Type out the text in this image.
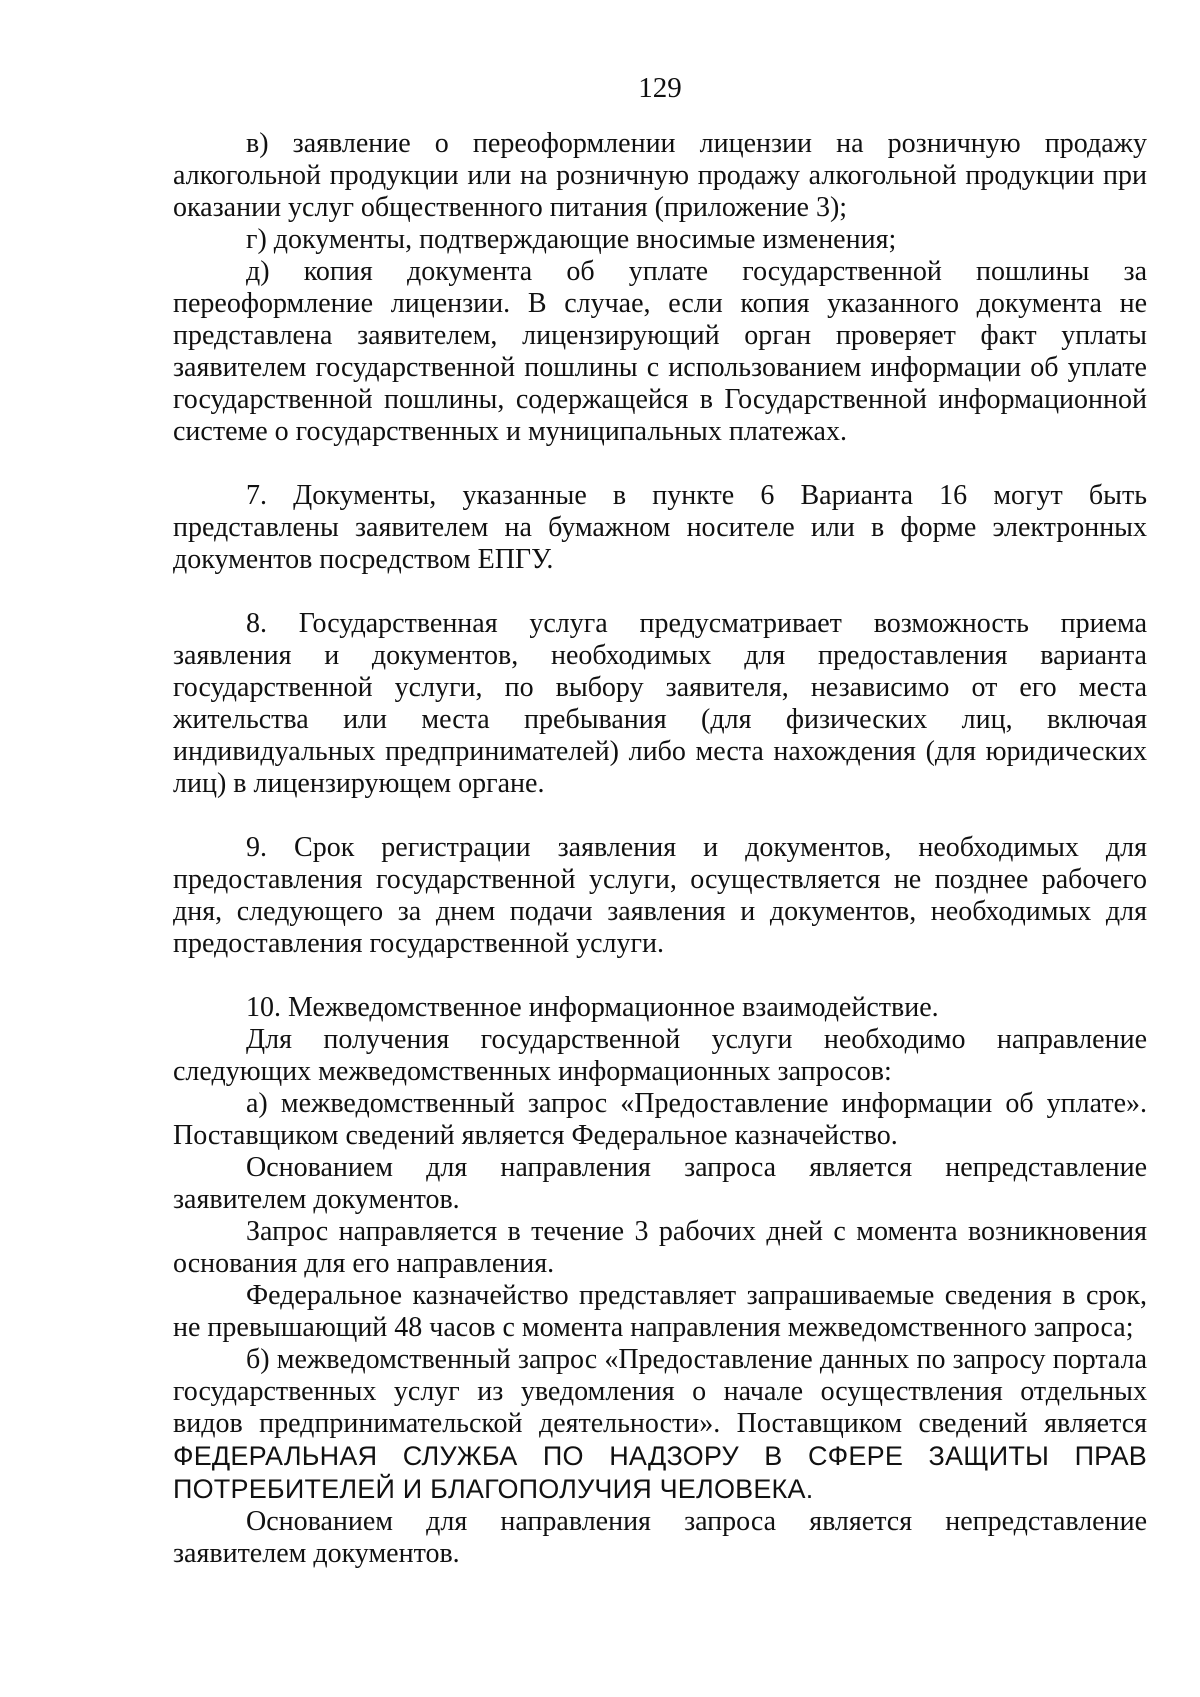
129

в) заявление о переоформлении лицензии на розничную продажу алкогольной продукции или на розничную продажу алкогольной продукции при оказании услуг общественного питания (приложение 3);

г) документы, подтверждающие вносимые изменения;

д) копия документа об уплате государственной пошлины за переоформление лицензии. В случае, если копия указанного документа не представлена заявителем, лицензирующий орган проверяет факт уплаты заявителем государственной пошлины с использованием информации об уплате государственной пошлины, содержащейся в Государственной информационной системе о государственных и муниципальных платежах.

7. Документы, указанные в пункте 6 Варианта 16 могут быть представлены заявителем на бумажном носителе или в форме электронных документов посредством ЕПГУ.

8. Государственная услуга предусматривает возможность приема заявления и документов, необходимых для предоставления варианта государственной услуги, по выбору заявителя, независимо от его места жительства или места пребывания (для физических лиц, включая индивидуальных предпринимателей) либо места нахождения (для юридических лиц) в лицензирующем органе.

9. Срок регистрации заявления и документов, необходимых для предоставления государственной услуги, осуществляется не позднее рабочего дня, следующего за днем подачи заявления и документов, необходимых для предоставления государственной услуги.

10. Межведомственное информационное взаимодействие.

Для получения государственной услуги необходимо направление следующих межведомственных информационных запросов:

а) межведомственный запрос «Предоставление информации об уплате». Поставщиком сведений является Федеральное казначейство.

Основанием для направления запроса является непредставление заявителем документов.

Запрос направляется в течение 3 рабочих дней с момента возникновения основания для его направления.

Федеральное казначейство представляет запрашиваемые сведения в срок, не превышающий 48 часов с момента направления межведомственного запроса;

б) межведомственный запрос «Предоставление данных по запросу портала государственных услуг из уведомления о начале осуществления отдельных видов предпринимательской деятельности». Поставщиком сведений является ФЕДЕРАЛЬНАЯ СЛУЖБА ПО НАДЗОРУ В СФЕРЕ ЗАЩИТЫ ПРАВ ПОТРЕБИТЕЛЕЙ И БЛАГОПОЛУЧИЯ ЧЕЛОВЕКА.

Основанием для направления запроса является непредставление заявителем документов.
